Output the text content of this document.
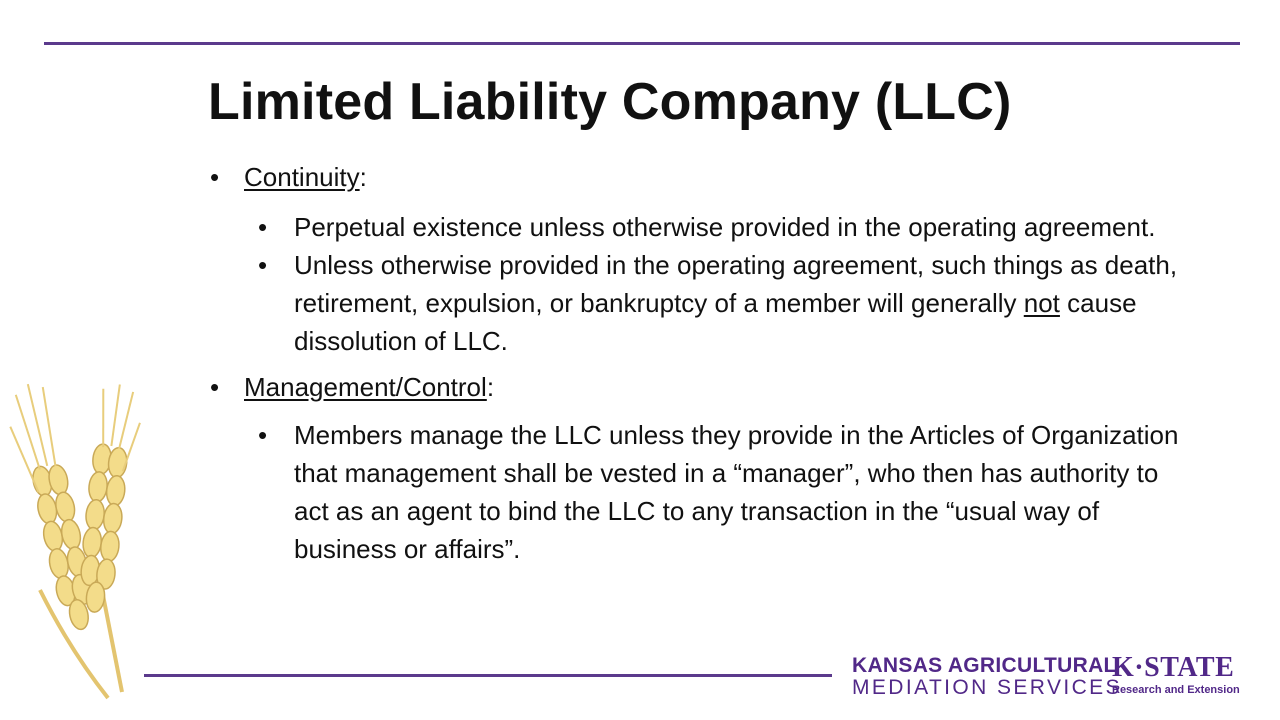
Limited Liability Company (LLC)
• Continuity:
• Perpetual existence unless otherwise provided in the operating agreement.
• Unless otherwise provided in the operating agreement, such things as death, retirement, expulsion, or bankruptcy of a member will generally not cause dissolution of LLC.
• Management/Control:
• Members manage the LLC unless they provide in the Articles of Organization that management shall be vested in a “manager”, who then has authority to act as an agent to bind the LLC to any transaction in the “usual way of business or affairs”.
KANSAS AGRICULTURAL
MEDIATION SERVICES
K·STATE
Research and Extension
